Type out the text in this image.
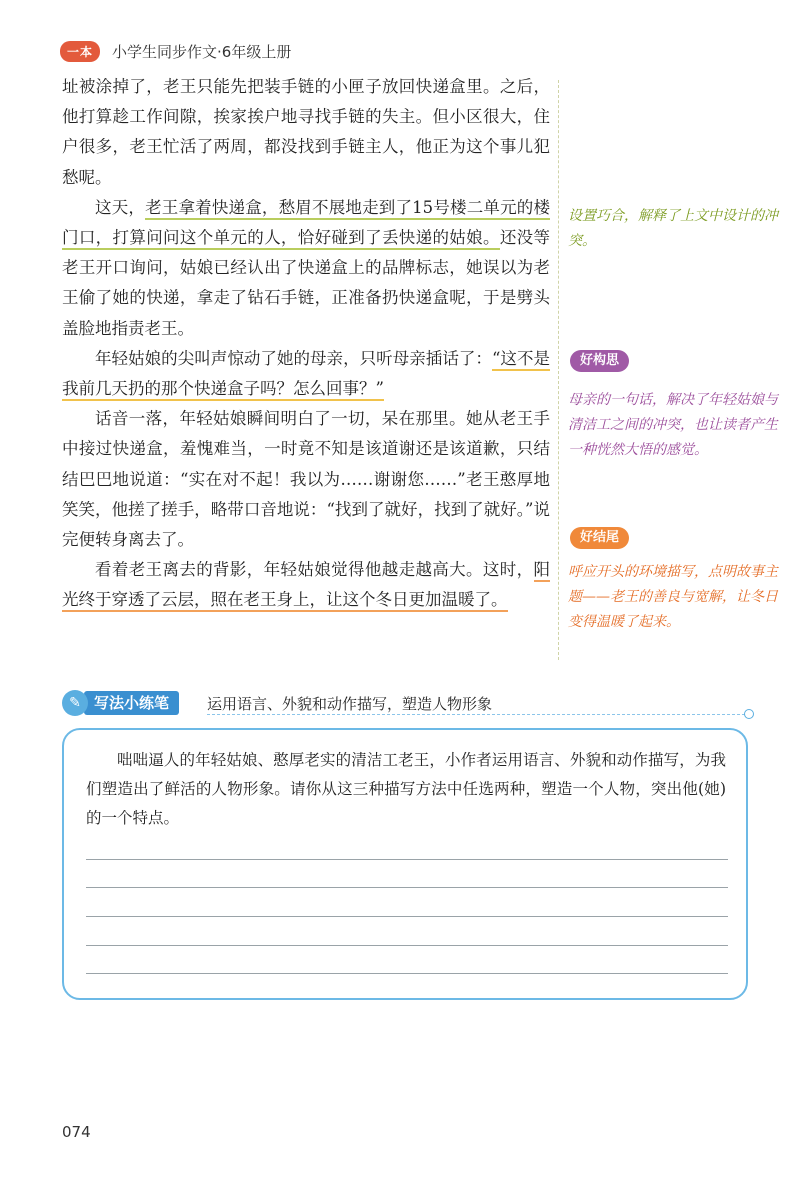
一本	小学生同步作文·6年级上册

址被涂掉了，老王只能先把装手链的小匣子放回快递盒里。之后，他打算趁工作间隙，挨家挨户地寻找手链的失主。但小区很大，住户很多，老王忙活了两周，都没找到手链主人，他正为这个事儿犯愁呢。

这天，老王拿着快递盒，愁眉不展地走到了15号楼二单元的楼门口，打算问问这个单元的人，恰好碰到了丢快递的姑娘。还没等老王开口询问，姑娘已经认出了快递盒上的品牌标志，她误以为老王偷了她的快递，拿走了钻石手链，正准备扔快递盒呢，于是劈头盖脸地指责老王。

年轻姑娘的尖叫声惊动了她的母亲，只听母亲插话了：“这不是我前几天扔的那个快递盒子吗？怎么回事？”

话音一落，年轻姑娘瞬间明白了一切，呆在那里。她从老王手中接过快递盒，羞愧难当，一时竟不知是该道谢还是该道歉，只结结巴巴地说道：“实在对不起！我以为……谢谢您……”老王憨厚地笑笑，他搓了搓手，略带口音地说：“找到了就好，找到了就好。”说完便转身离去了。

看着老王离去的背影，年轻姑娘觉得他越走越高大。这时，阳光终于穿透了云层，照在老王身上，让这个冬日更加温暖了。

设置巧合，解释了上文中设计的冲突。
好构思
母亲的一句话，解决了年轻姑娘与清洁工之间的冲突，也让读者产生一种恍然大悟的感觉。
好结尾
呼应开头的环境描写，点明故事主题——老王的善良与宽解，让冬日变得温暖了起来。
写法小练笔
✎	运用语言、外貌和动作描写，塑造人物形象
咄咄逼人的年轻姑娘、憨厚老实的清洁工老王，小作者运用语言、外貌和动作描写，为我们塑造出了鲜活的人物形象。请你从这三种描写方法中任选两种，塑造一个人物，突出他(她)的一个特点。
074
